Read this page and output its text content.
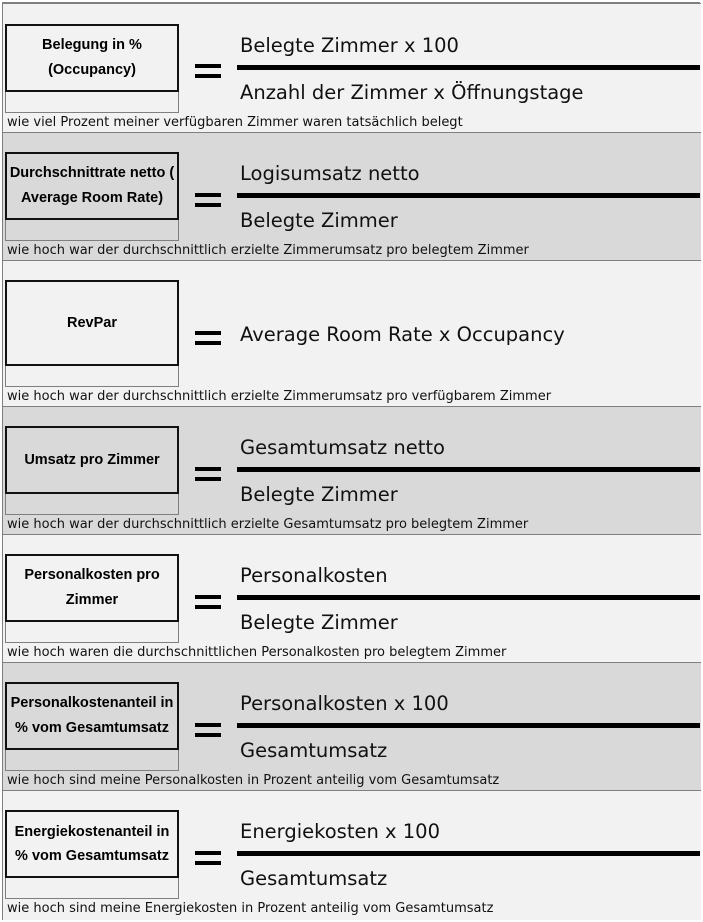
Belegung in % (Occupancy)
Belegte Zimmer x 100
Anzahl der Zimmer x Öffnungstage
wie viel Prozent meiner verfügbaren Zimmer waren tatsächlich belegt
Durchschnittrate netto ( Average Room Rate)
Logisumsatz netto
Belegte Zimmer
wie hoch war der durchschnittlich erzielte Zimmerumsatz pro belegtem Zimmer
RevPar
Average Room Rate x Occupancy
wie hoch war der durchschnittlich erzielte Zimmerumsatz pro verfügbarem Zimmer
Umsatz pro Zimmer
Gesamtumsatz netto
Belegte Zimmer
wie hoch war der durchschnittlich erzielte Gesamtumsatz pro belegtem Zimmer
Personalkosten pro Zimmer
Personalkosten
Belegte Zimmer
wie hoch waren die durchschnittlichen Personalkosten pro belegtem Zimmer
Personalkostenanteil in % vom Gesamtumsatz
Personalkosten x 100
Gesamtumsatz
wie hoch sind meine Personalkosten in Prozent anteilig vom Gesamtumsatz
Energiekostenanteil in % vom Gesamtumsatz
Energiekosten x 100
Gesamtumsatz
wie hoch sind meine Energiekosten in Prozent anteilig vom Gesamtumsatz
